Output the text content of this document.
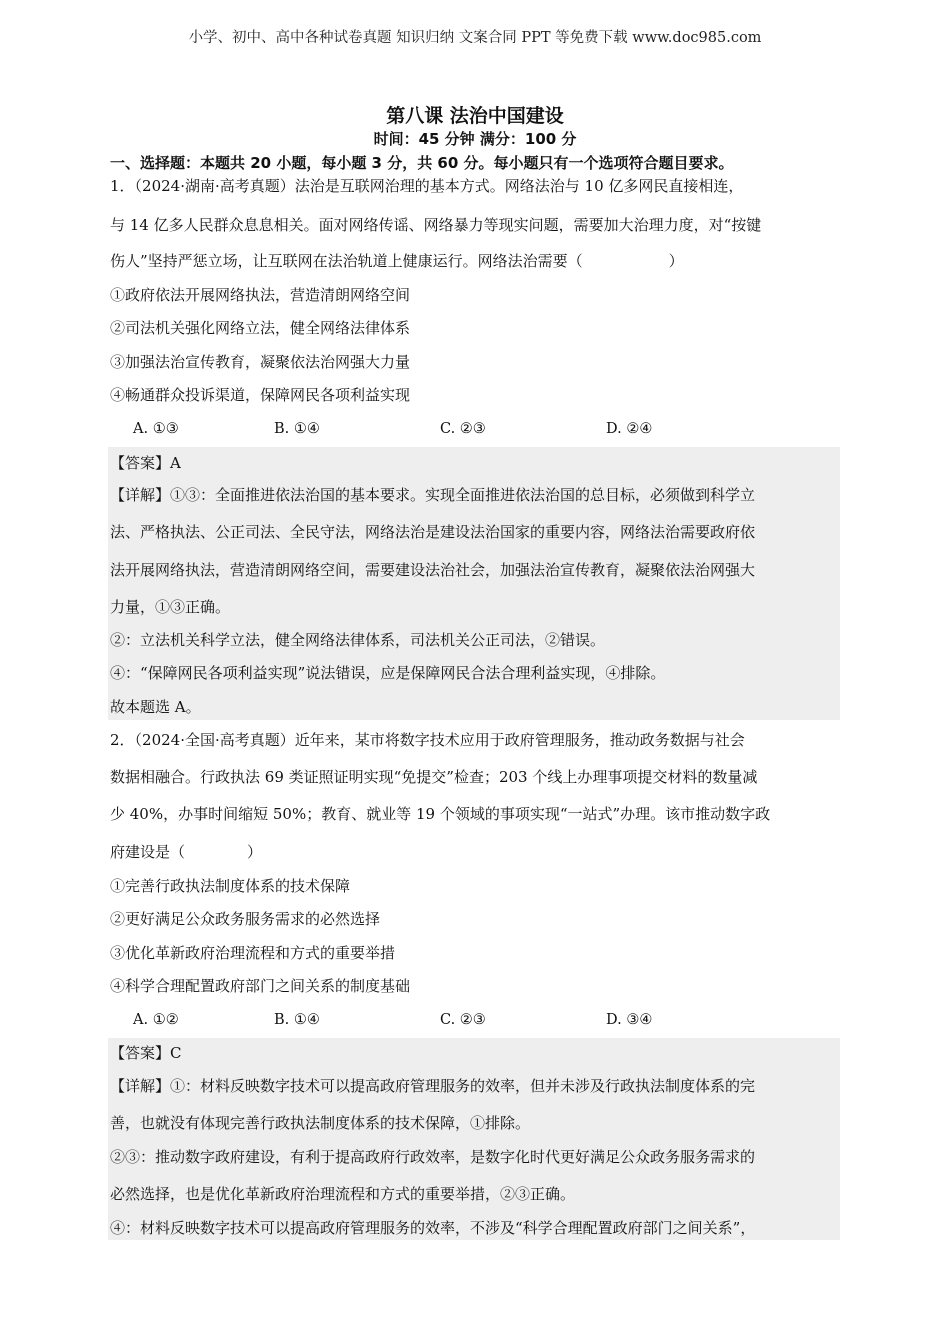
小学、初中、高中各种试卷真题 知识归纳 文案合同 PPT 等免费下载 www.doc985.com
第八课 法治中国建设
时间：45 分钟 满分：100 分
一、选择题：本题共 20 小题，每小题 3 分，共 60 分。每小题只有一个选项符合题目要求。
1．（2024·湖南·高考真题）法治是互联网治理的基本方式。网络法治与 10 亿多网民直接相连，
与 14 亿多人民群众息息相关。面对网络传谣、网络暴力等现实问题，需要加大治理力度，对“按键
伤人”坚持严惩立场，让互联网在法治轨道上健康运行。网络法治需要（	）
①政府依法开展网络执法，营造清朗网络空间
②司法机关强化网络立法，健全网络法律体系
③加强法治宣传教育，凝聚依法治网强大力量
④畅通群众投诉渠道，保障网民各项利益实现
A. ①③	B. ①④	C. ②③	D. ②④
【答案】A
【详解】①③：全面推进依法治国的基本要求。实现全面推进依法治国的总目标，必须做到科学立
法、严格执法、公正司法、全民守法，网络法治是建设法治国家的重要内容，网络法治需要政府依
法开展网络执法，营造清朗网络空间，需要建设法治社会，加强法治宣传教育，凝聚依法治网强大
力量，①③正确。
②：立法机关科学立法，健全网络法律体系，司法机关公正司法，②错误。
④：“保障网民各项利益实现”说法错误，应是保障网民合法合理利益实现，④排除。
故本题选 A。
2．（2024·全国·高考真题）近年来，某市将数字技术应用于政府管理服务，推动政务数据与社会
数据相融合。行政执法 69 类证照证明实现“免提交”检查；203 个线上办理事项提交材料的数量减
少 40%，办事时间缩短 50%；教育、就业等 19 个领域的事项实现“一站式”办理。该市推动数字政
府建设是（	）
①完善行政执法制度体系的技术保障
②更好满足公众政务服务需求的必然选择
③优化革新政府治理流程和方式的重要举措
④科学合理配置政府部门之间关系的制度基础
A. ①②	B. ①④	C. ②③	D. ③④
【答案】C
【详解】①：材料反映数字技术可以提高政府管理服务的效率，但并未涉及行政执法制度体系的完
善，也就没有体现完善行政执法制度体系的技术保障，①排除。
②③：推动数字政府建设，有利于提高政府行政效率，是数字化时代更好满足公众政务服务需求的
必然选择，也是优化革新政府治理流程和方式的重要举措，②③正确。
④：材料反映数字技术可以提高政府管理服务的效率，不涉及“科学合理配置政府部门之间关系”，
